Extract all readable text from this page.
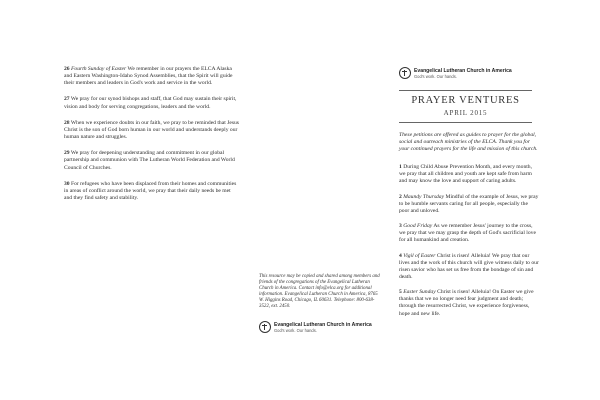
26 Fourth Sunday of Easter We remember in our prayers the ELCA Alaska and Eastern Washington-Idaho Synod Assemblies, that the Spirit will guide their members and leaders in God's work and service in the world.

27 We pray for our synod bishops and staff, that God may sustain their spirit, vision and body for serving congregations, leaders and the world.

28 When we experience doubts in our faith, we pray to be reminded that Jesus Christ is the son of God born human in our world and understands deeply our human nature and struggles.

29 We pray for deepening understanding and commitment in our global partnership and communion with The Lutheran World Federation and World Council of Churches.

30 For refugees who have been displaced from their homes and communities in areas of conflict around the world, we pray that their daily needs be met and they find safety and stability.

This resource may be copied and shared among members and friends of the congregations of the Evangelical Lutheran Church in America. Contact info@elca.org for additional information. Evangelical Lutheran Church in America, 8765 W. Higgins Road, Chicago, IL 60631. Telephone: 800-638-3522, ext. 2450.
Evangelical Lutheran Church in America
God's work. Our hands.
Evangelical Lutheran Church in America
God's work. Our hands.
PRAYER VENTURES
APRIL 2015

These petitions are offered as guides to prayer for the global, social and outreach ministries of the ELCA. Thank you for your continued prayers for the life and mission of this church.

1 During Child Abuse Prevention Month, and every month, we pray that all children and youth are kept safe from harm and may know the love and support of caring adults.

2 Maundy Thursday Mindful of the example of Jesus, we pray to be humble servants caring for all people, especially the poor and unloved.

3 Good Friday As we remember Jesus' journey to the cross, we pray that we may grasp the depth of God's sacrificial love for all humankind and creation.

4 Vigil of Easter Christ is risen! Alleluia! We pray that our lives and the work of this church will give witness daily to our risen savior who has set us free from the bondage of sin and death.

5 Easter Sunday Christ is risen! Alleluia! On Easter we give thanks that we no longer need fear judgment and death; through the resurrected Christ, we experience forgiveness, hope and new life.
